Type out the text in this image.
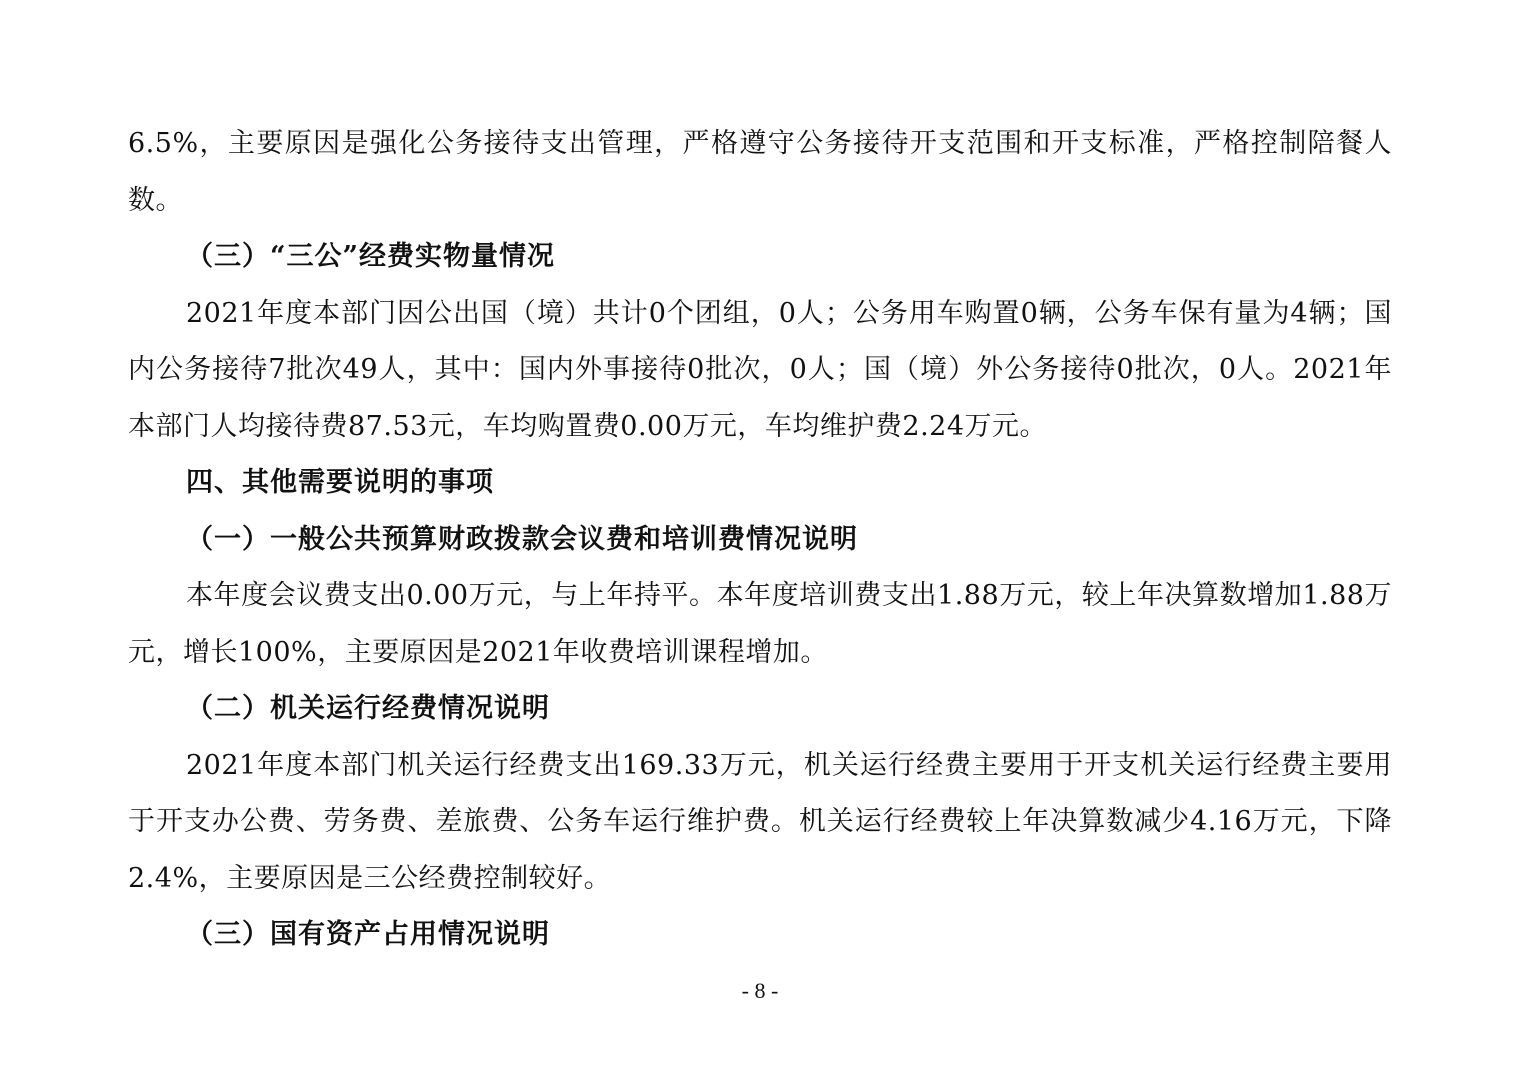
6.5%，主要原因是强化公务接待支出管理，严格遵守公务接待开支范围和开支标准，严格控制陪餐人数。

（三）“三公”经费实物量情况

2021年度本部门因公出国（境）共计0个团组，0人；公务用车购置0辆，公务车保有量为4辆；国内公务接待7批次49人，其中：国内外事接待0批次，0人；国（境）外公务接待0批次，0人。2021年本部门人均接待费87.53元，车均购置费0.00万元，车均维护费2.24万元。

四、其他需要说明的事项

（一）一般公共预算财政拨款会议费和培训费情况说明

本年度会议费支出0.00万元，与上年持平。本年度培训费支出1.88万元，较上年决算数增加1.88万元，增长100%，主要原因是2021年收费培训课程增加。

（二）机关运行经费情况说明

2021年度本部门机关运行经费支出169.33万元，机关运行经费主要用于开支机关运行经费主要用于开支办公费、劳务费、差旅费、公务车运行维护费。机关运行经费较上年决算数减少4.16万元，下降2.4%，主要原因是三公经费控制较好。

（三）国有资产占用情况说明

- 8 -
